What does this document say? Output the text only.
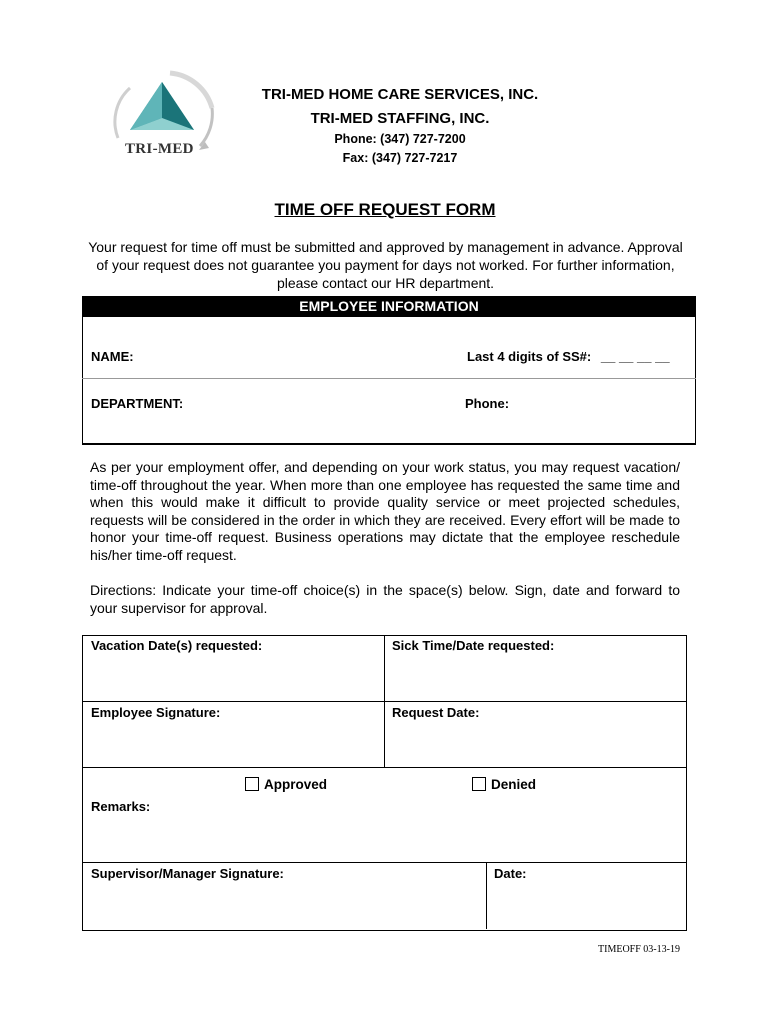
TRI-MED
TRI-MED HOME CARE SERVICES, INC.
TRI-MED STAFFING, INC.
Phone: (347) 727-7200
Fax: (347) 727-7217
TIME OFF REQUEST FORM
Your request for time off must be submitted and approved by management in advance. Approval of your request does not guarantee you payment for days not worked. For further information, please contact our HR department.
EMPLOYEE INFORMATION
NAME:	Last 4 digits of SS#: __ __ __ __
DEPARTMENT:	Phone:
As per your employment offer, and depending on your work status, you may request vacation/ time-off throughout the year. When more than one employee has requested the same time and when this would make it difficult to provide quality service or meet projected schedules, requests will be considered in the order in which they are received. Every effort will be made to honor your time-off request. Business operations may dictate that the employee reschedule his/her time-off request.
Directions: Indicate your time-off choice(s) in the space(s) below. Sign, date and forward to your supervisor for approval.
Vacation Date(s) requested:	Sick Time/Date requested:
Employee Signature:	Request Date:
Approved	Denied
Remarks:
Supervisor/Manager Signature:	Date:
TIMEOFF 03-13-19
